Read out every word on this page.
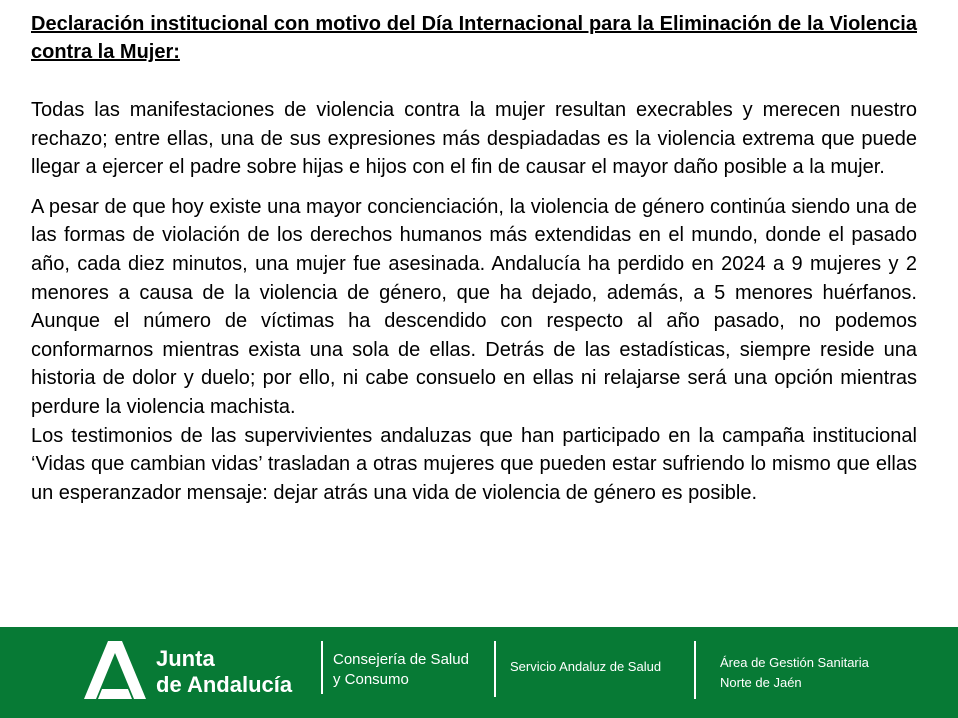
Declaración institucional con motivo del Día Internacional para la Eliminación de la Violencia contra la Mujer:

Todas las manifestaciones de violencia contra la mujer resultan execrables y merecen nuestro rechazo; entre ellas, una de sus expresiones más despiadadas es la violencia extrema que puede llegar a ejercer el padre sobre hijas e hijos con el fin de causar el mayor daño posible a la mujer.

A pesar de que hoy existe una mayor concienciación, la violencia de género continúa siendo una de las formas de violación de los derechos humanos más extendidas en el mundo, donde el pasado año, cada diez minutos, una mujer fue asesinada. Andalucía ha perdido en 2024 a 9 mujeres y 2 menores a causa de la violencia de género, que ha dejado, además, a 5 menores huérfanos. Aunque el número de víctimas ha descendido con respecto al año pasado, no podemos conformarnos mientras exista una sola de ellas. Detrás de las estadísticas, siempre reside una historia de dolor y duelo; por ello, ni cabe consuelo en ellas ni relajarse será una opción mientras perdure la violencia machista.

Los testimonios de las supervivientes andaluzas que han participado en la campaña institucional ‘Vidas que cambian vidas’ trasladan a otras mujeres que pueden estar sufriendo lo mismo que ellas un esperanzador mensaje: dejar atrás una vida de violencia de género es posible.

Junta
de Andalucía
Consejería de Salud
y Consumo
Servicio Andaluz de Salud	Área de Gestión Sanitaria
Norte de Jaén
